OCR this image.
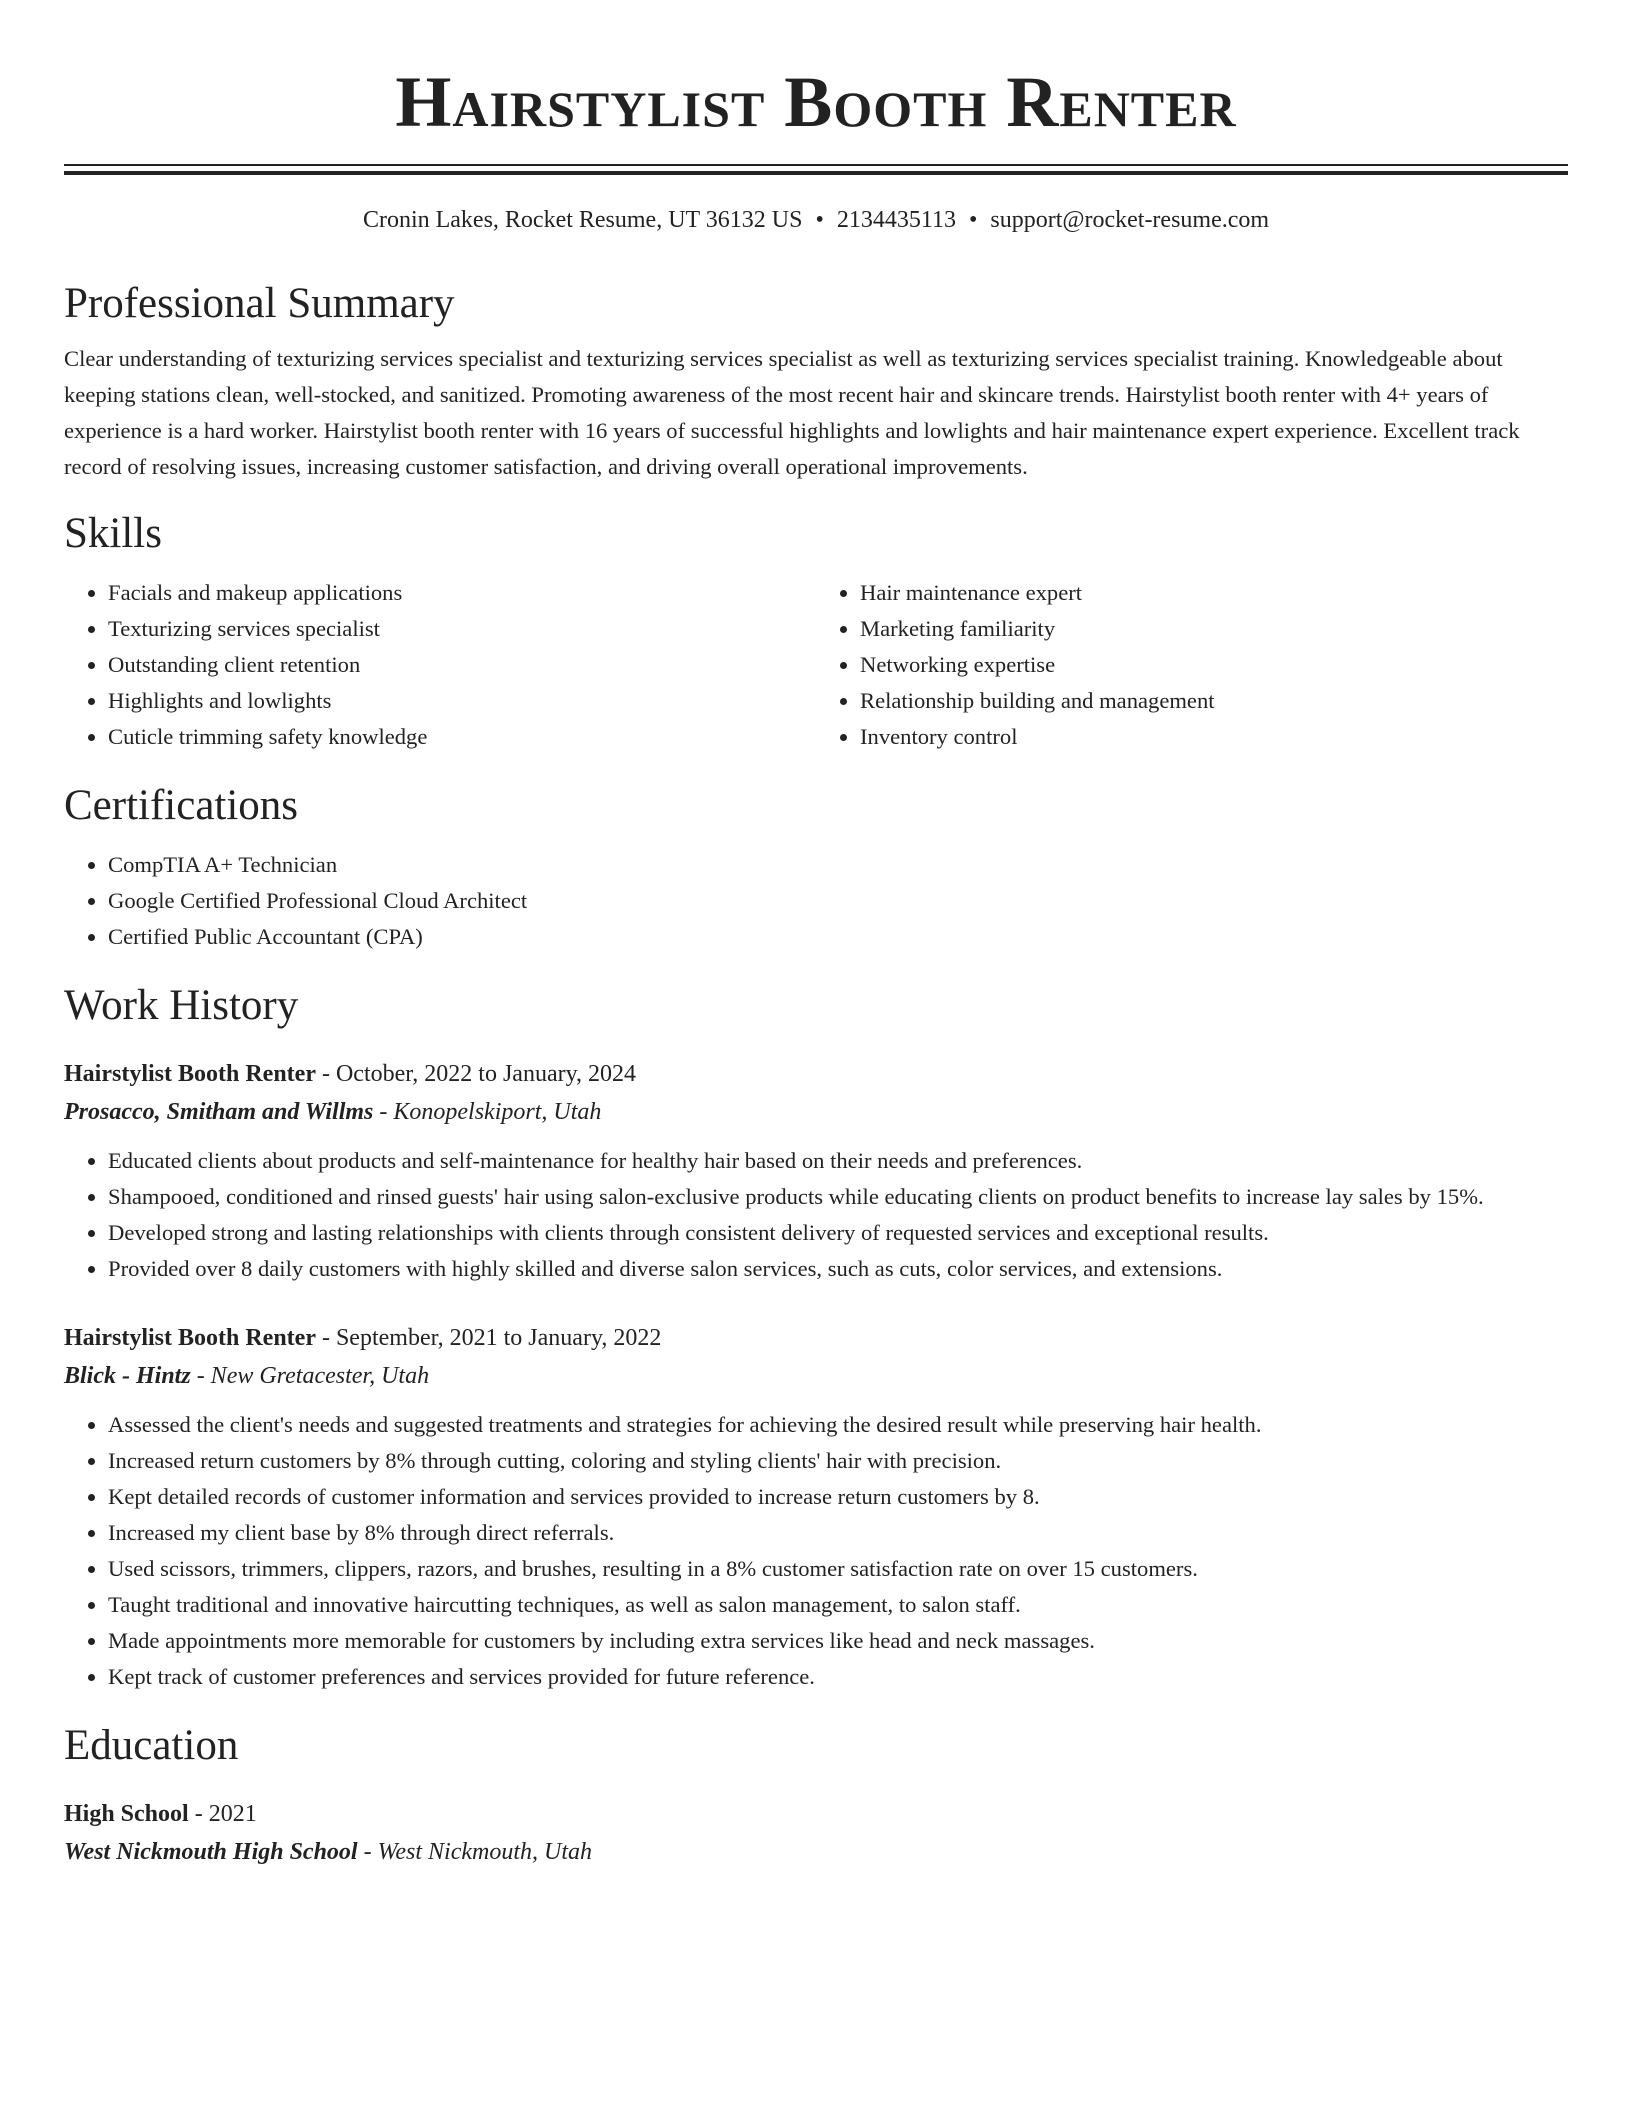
Hairstylist Booth Renter
Cronin Lakes, Rocket Resume, UT 36132 US • 2134435113 • support@rocket-resume.com
Professional Summary

Clear understanding of texturizing services specialist and texturizing services specialist as well as texturizing services specialist training. Knowledgeable about keeping stations clean, well-stocked, and sanitized. Promoting awareness of the most recent hair and skincare trends. Hairstylist booth renter with 4+ years of experience is a hard worker. Hairstylist booth renter with 16 years of successful highlights and lowlights and hair maintenance expert experience. Excellent track record of resolving issues, increasing customer satisfaction, and driving overall operational improvements.

Skills
• Facials and makeup applications
• Texturizing services specialist
• Outstanding client retention
• Highlights and lowlights
• Cuticle trimming safety knowledge
• Hair maintenance expert
• Marketing familiarity
• Networking expertise
• Relationship building and management
• Inventory control
Certifications
• CompTIA A+ Technician
• Google Certified Professional Cloud Architect
• Certified Public Accountant (CPA)
Work History
Hairstylist Booth Renter - October, 2022 to January, 2024
Prosacco, Smitham and Willms - Konopelskiport, Utah
• Educated clients about products and self-maintenance for healthy hair based on their needs and preferences.
• Shampooed, conditioned and rinsed guests' hair using salon-exclusive products while educating clients on product benefits to increase lay sales by 15%.
• Developed strong and lasting relationships with clients through consistent delivery of requested services and exceptional results.
• Provided over 8 daily customers with highly skilled and diverse salon services, such as cuts, color services, and extensions.
Hairstylist Booth Renter - September, 2021 to January, 2022
Blick - Hintz - New Gretacester, Utah
• Assessed the client's needs and suggested treatments and strategies for achieving the desired result while preserving hair health.
• Increased return customers by 8% through cutting, coloring and styling clients' hair with precision.
• Kept detailed records of customer information and services provided to increase return customers by 8.
• Increased my client base by 8% through direct referrals.
• Used scissors, trimmers, clippers, razors, and brushes, resulting in a 8% customer satisfaction rate on over 15 customers.
• Taught traditional and innovative haircutting techniques, as well as salon management, to salon staff.
• Made appointments more memorable for customers by including extra services like head and neck massages.
• Kept track of customer preferences and services provided for future reference.
Education
High School - 2021
West Nickmouth High School - West Nickmouth, Utah
